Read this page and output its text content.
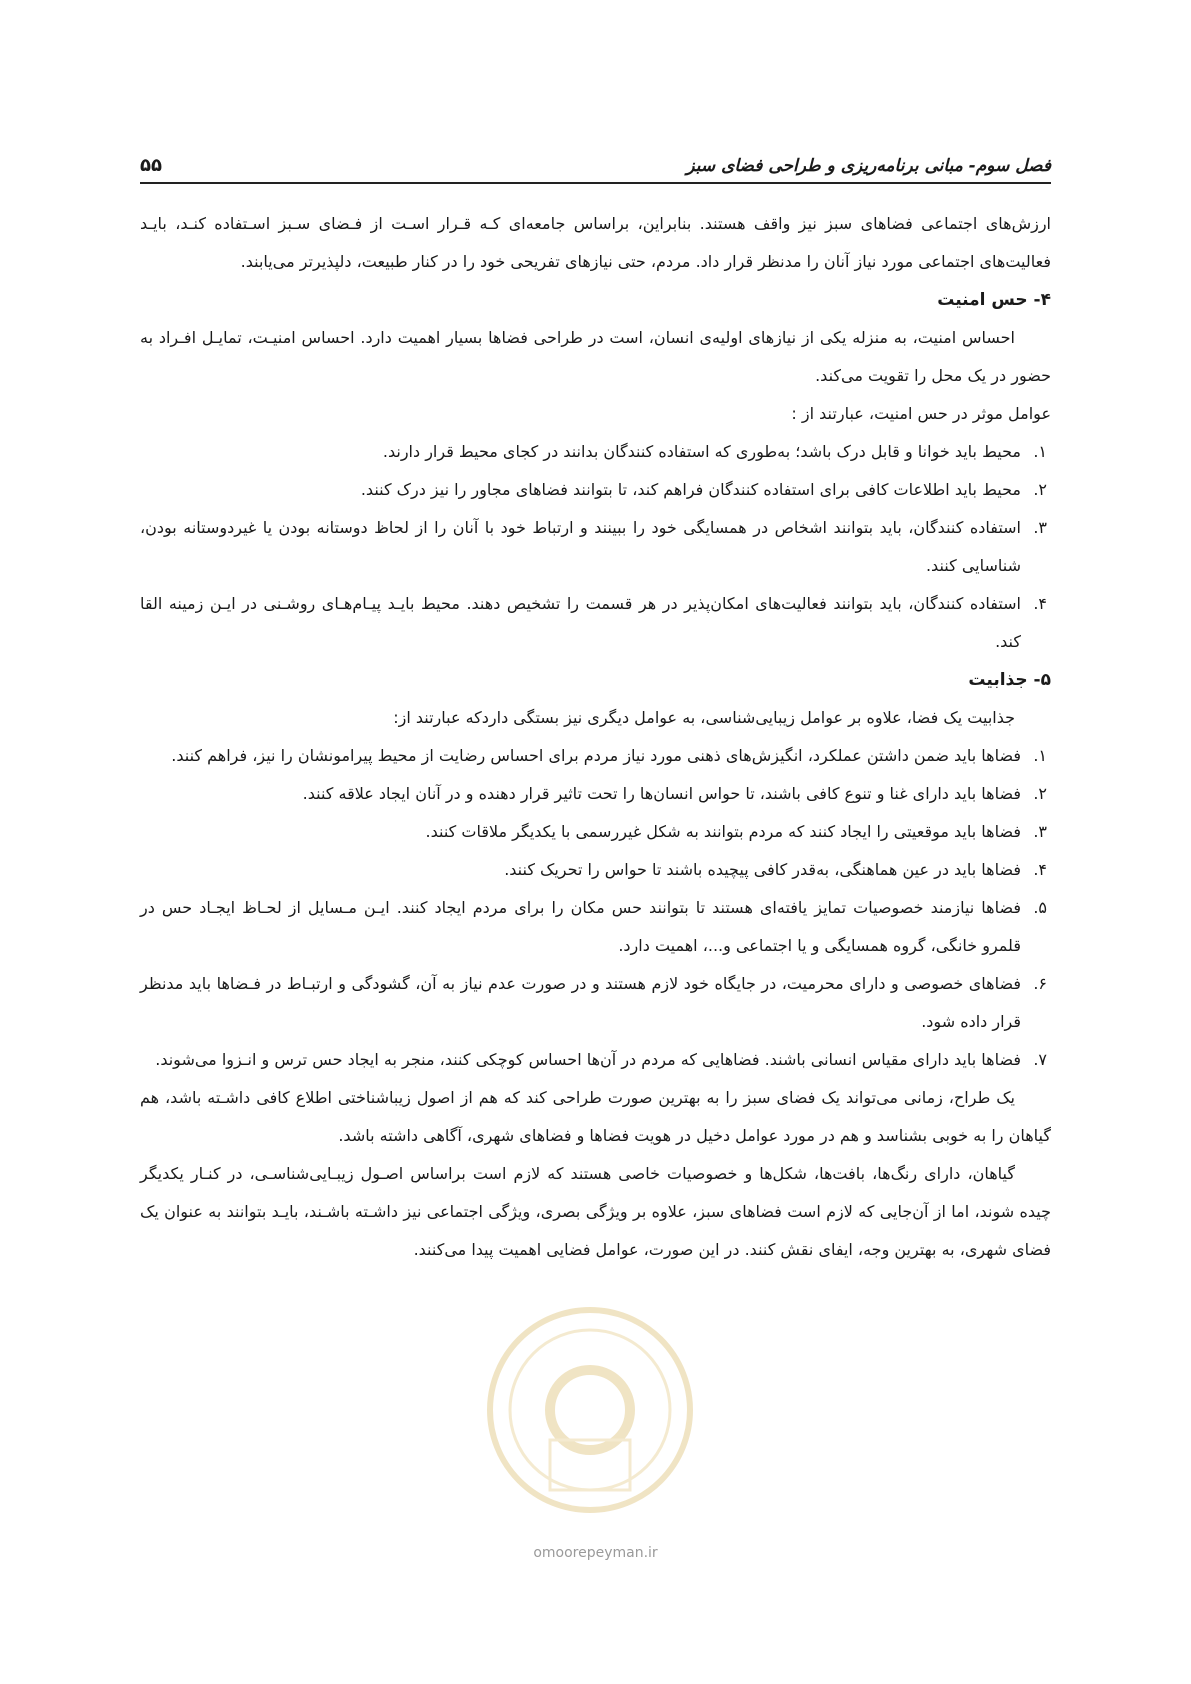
۵۵	فصل سوم- مبانی برنامه‌ریزی و طراحی فضای سبز

ارزش‌های اجتماعی فضاهای سبز نیز واقف هستند. بنابراین، براساس جامعه‌ای کـه قـرار اسـت از فـضای سـبز اسـتفاده کنـد، بایـد فعالیت‌های اجتماعی مورد نیاز آنان را مدنظر قرار داد. مردم، حتی نیازهای تفریحی خود را در کنار طبیعت، دلپذیرتر می‌یابند.

۴- حس امنیت

احساس امنیت، به منزله یکی از نیازهای اولیه‌ی انسان، است در طراحی فضاها بسیار اهمیت دارد. احساس امنیـت، تمایـل افـراد به حضور در یک محل را تقویت می‌کند.

عوامل موثر در حس امنیت، عبارتند از :

۱.
محیط باید خوانا و قابل درک باشد؛ به‌طوری که استفاده کنندگان بدانند در کجای محیط قرار دارند.
۲.
محیط باید اطلاعات کافی برای استفاده کنندگان فراهم کند، تا بتوانند فضاهای مجاور را نیز درک کنند.
۳.
استفاده کنندگان، باید بتوانند اشخاص در همسایگی خود را ببینند و ارتباط خود با آنان را از لحاظ دوستانه بودن یا غیردوستانه بودن، شناسایی کنند.
۴.
استفاده کنندگان، باید بتوانند فعالیت‌های امکان‌پذیر در هر قسمت را تشخیص دهند. محیط بایـد پیـام‌هـای روشـنی در ایـن زمینه القا کند.

۵- جذابیت

جذابیت یک فضا، علاوه بر عوامل زیبایی‌شناسی، به عوامل دیگری نیز بستگی داردکه عبارتند از:

۱.
فضاها باید ضمن داشتن عملکرد، انگیزش‌های ذهنی مورد نیاز مردم برای احساس رضایت از محیط پیرامونشان را نیز، فراهم کنند.
۲.
فضاها باید دارای غنا و تنوع کافی باشند، تا حواس انسان‌ها را تحت تاثیر قرار دهنده و در آنان ایجاد علاقه کنند.
۳.
فضاها باید موقعیتی را ایجاد کنند که مردم بتوانند به شکل غیررسمی با یکدیگر ملاقات کنند.
۴.
فضاها باید در عین هماهنگی، به‌قدر کافی پیچیده باشند تا حواس را تحریک کنند.
۵.
فضاها نیازمند خصوصیات تمایز یافته‌ای هستند تا بتوانند حس مکان را برای مردم ایجاد کنند. ایـن مـسایل از لحـاظ ایجـاد حس در قلمرو خانگی، گروه همسایگی و یا اجتماعی و...، اهمیت دارد.
۶.
فضاهای خصوصی و دارای محرمیت، در جایگاه خود لازم هستند و در صورت عدم نیاز به آن، گشودگی و ارتبـاط در فـضاها باید مدنظر قرار داده شود.
۷.
فضاها باید دارای مقیاس انسانی باشند. فضاهایی که مردم در آن‌ها احساس کوچکی کنند، منجر به ایجاد حس ترس و انـزوا می‌شوند.

یک طراح، زمانی می‌تواند یک فضای سبز را به بهترین صورت طراحی کند که هم از اصول زیباشناختی اطلاع کافی داشـته باشد، هم گیاهان را به خوبی بشناسد و هم در مورد عوامل دخیل در هویت فضاها و فضاهای شهری، آگاهی داشته باشد.

گیاهان، دارای رنگ‌ها، بافت‌ها، شکل‌ها و خصوصیات خاصی هستند که لازم است براساس اصـول زیبـایی‌شناسـی، در کنـار یکدیگر چیده شوند، اما از آن‌جایی که لازم است فضاهای سبز، علاوه بر ویژگی بصری، ویژگی اجتماعی نیز داشـته باشـند، بایـد بتوانند به عنوان یک فضای شهری، به بهترین وجه، ایفای نقش کنند. در این صورت، عوامل فضایی اهمیت پیدا می‌کنند.

omoorepeyman.ir
